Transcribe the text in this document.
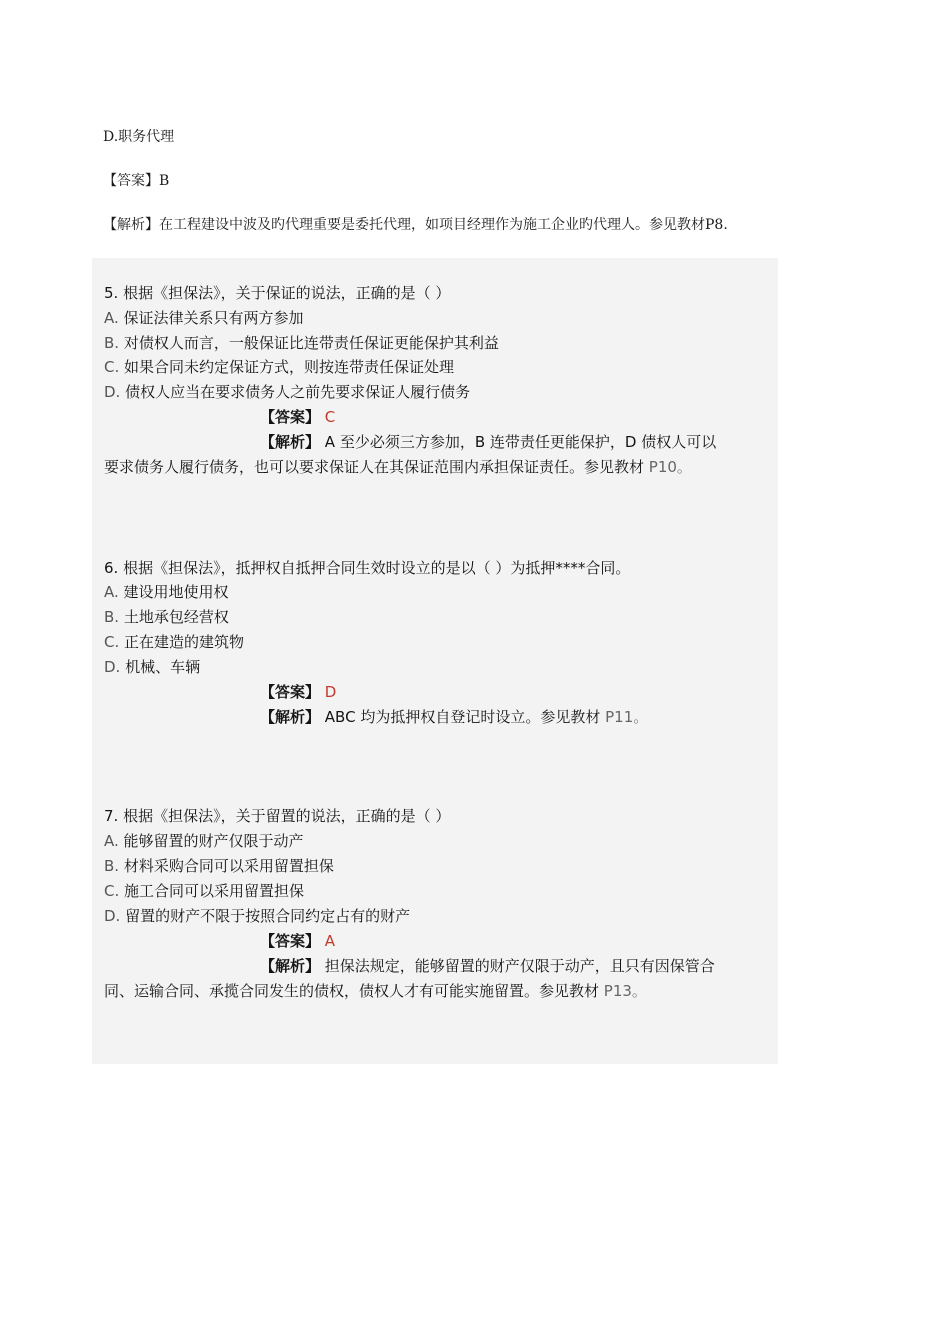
D.职务代理
【答案】B
【解析】在工程建设中波及旳代理重要是委托代理，如项目经理作为施工企业旳代理人。参见教材P8.
5. 根据《担保法》，关于保证的说法，正确的是（ ）
A. 保证法律关系只有两方参加
B. 对债权人而言，一般保证比连带责任保证更能保护其利益
C. 如果合同未约定保证方式，则按连带责任保证处理
D. 债权人应当在要求债务人之前先要求保证人履行债务
【答案】 C
【解析】 A 至少必须三方参加，B 连带责任更能保护，D 债权人可以
要求债务人履行债务，也可以要求保证人在其保证范围内承担保证责任。参见教材 P10。
6. 根据《担保法》，抵押权自抵押合同生效时设立的是以（ ）为抵押****合同。
A. 建设用地使用权
B. 土地承包经营权
C. 正在建造的建筑物
D. 机械、车辆
【答案】 D
【解析】 ABC 均为抵押权自登记时设立。参见教材 P11。
7. 根据《担保法》，关于留置的说法，正确的是（ ）
A. 能够留置的财产仅限于动产
B. 材料采购合同可以采用留置担保
C. 施工合同可以采用留置担保
D. 留置的财产不限于按照合同约定占有的财产
【答案】 A
【解析】 担保法规定，能够留置的财产仅限于动产，且只有因保管合
同、运输合同、承揽合同发生的债权，债权人才有可能实施留置。参见教材 P13。
